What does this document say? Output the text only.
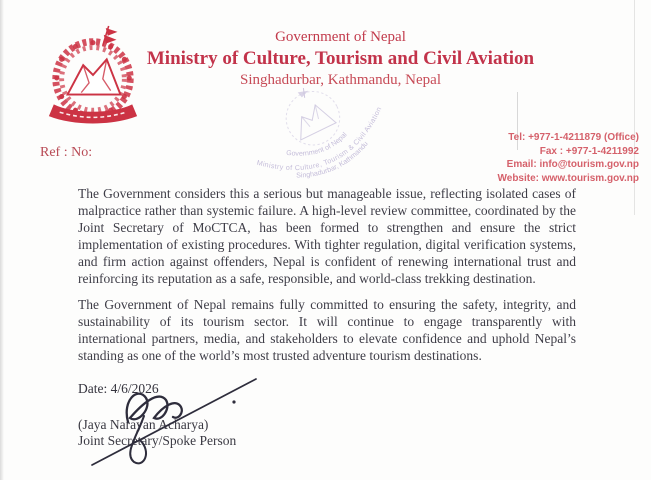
Government of Nepal
Ministry of Culture, Tourism and Civil Aviation
Singhadurbar, Kathmandu, Nepal
Ministry of Culture, Tourism & Civil Aviation
Government of Nepal
Singhadurbar, Kathmandu
Ref : No:
Tel: +977-1-4211879 (Office)
Fax : +977-1-4211992
Email: info@tourism.gov.np
Website: www.tourism.gov.np

The Government considers this a serious but manageable issue, reflecting isolated cases of malpractice rather than systemic failure. A high-level review committee, coordinated by the Joint Secretary of MoCTCA, has been formed to strengthen and ensure the strict implementation of existing procedures. With tighter regulation, digital verification systems, and firm action against offenders, Nepal is confident of renewing international trust and reinforcing its reputation as a safe, responsible, and world-class trekking destination.

The Government of Nepal remains fully committed to ensuring the safety, integrity, and sustainability of its tourism sector. It will continue to engage transparently with international partners, media, and stakeholders to elevate confidence and uphold Nepal’s standing as one of the world’s most trusted adventure tourism destinations.

Date: 4/6/2026
(Jaya Narayan Acharya)
Joint Secretary/Spoke Person
